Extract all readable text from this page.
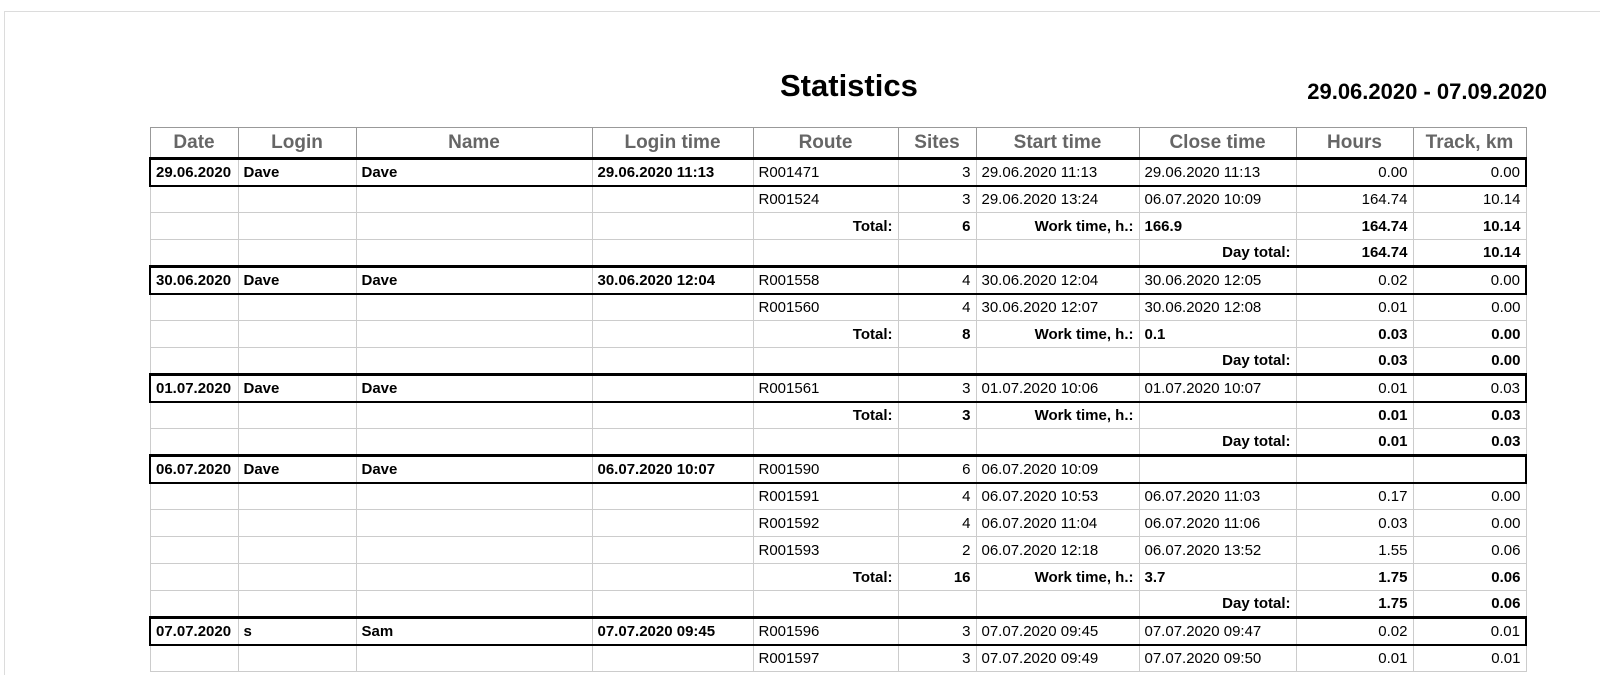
Statistics	29.06.2020 - 07.09.2020
Date	Login	Name	Login time	Route	Sites	Start time	Close time	Hours	Track, km
29.06.2020	Dave	Dave	29.06.2020 11:13	R001471	3	29.06.2020 11:13	29.06.2020 11:13	0.00	0.00
				R001524	3	29.06.2020 13:24	06.07.2020 10:09	164.74	10.14
				Total:	6	Work time, h.:	166.9	164.74	10.14
							Day total:	164.74	10.14
30.06.2020	Dave	Dave	30.06.2020 12:04	R001558	4	30.06.2020 12:04	30.06.2020 12:05	0.02	0.00
				R001560	4	30.06.2020 12:07	30.06.2020 12:08	0.01	0.00
				Total:	8	Work time, h.:	0.1	0.03	0.00
							Day total:	0.03	0.00
01.07.2020	Dave	Dave		R001561	3	01.07.2020 10:06	01.07.2020 10:07	0.01	0.03
				Total:	3	Work time, h.:		0.01	0.03
							Day total:	0.01	0.03
06.07.2020	Dave	Dave	06.07.2020 10:07	R001590	6	06.07.2020 10:09			
				R001591	4	06.07.2020 10:53	06.07.2020 11:03	0.17	0.00
				R001592	4	06.07.2020 11:04	06.07.2020 11:06	0.03	0.00
				R001593	2	06.07.2020 12:18	06.07.2020 13:52	1.55	0.06
				Total:	16	Work time, h.:	3.7	1.75	0.06
							Day total:	1.75	0.06
07.07.2020	s	Sam	07.07.2020 09:45	R001596	3	07.07.2020 09:45	07.07.2020 09:47	0.02	0.01
				R001597	3	07.07.2020 09:49	07.07.2020 09:50	0.01	0.01
